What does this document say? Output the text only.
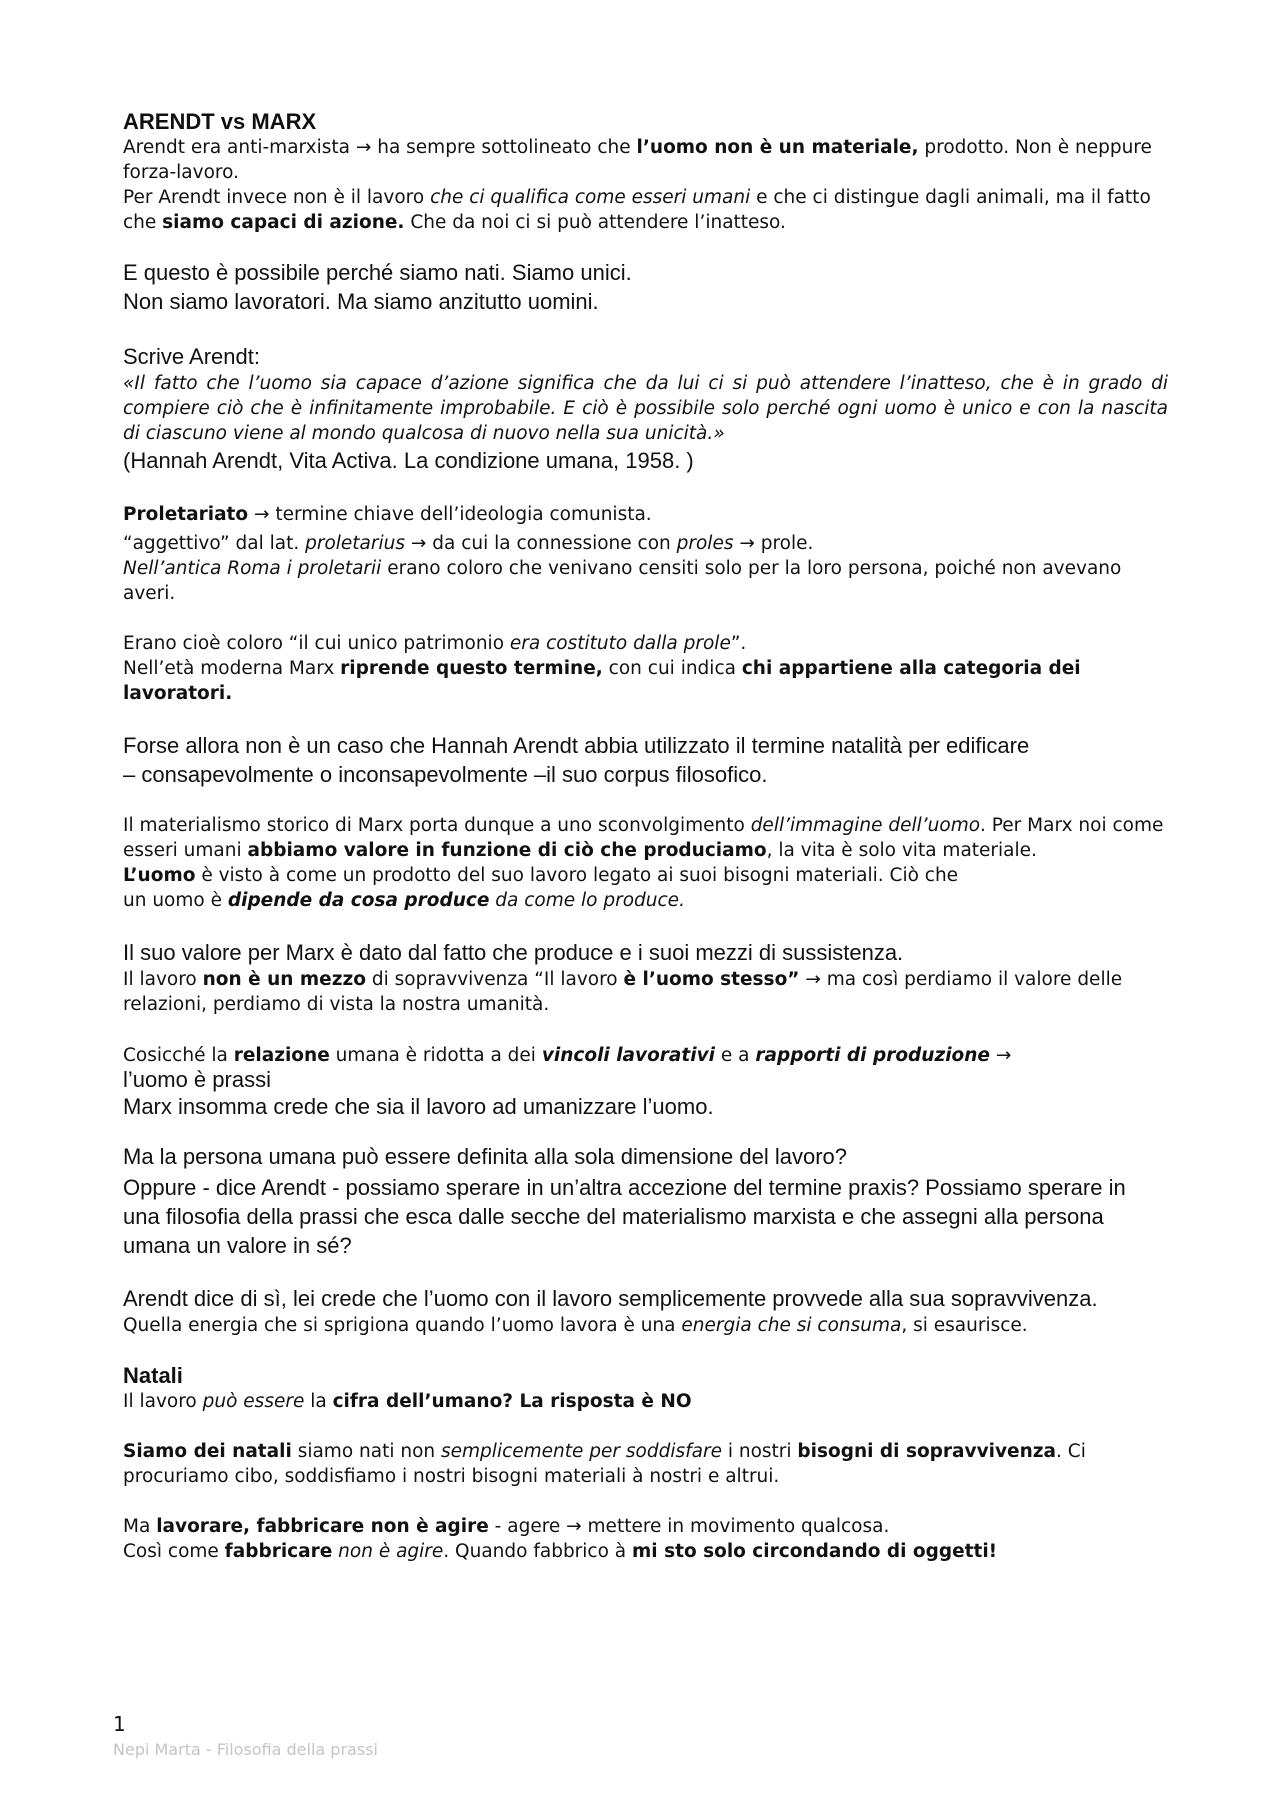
ARENDT vs MARX

Arendt era anti-marxista → ha sempre sottolineato che l’uomo non è un materiale, prodotto. Non è neppure forza-lavoro.

Per Arendt invece non è il lavoro che ci qualifica come esseri umani e che ci distingue dagli animali, ma il fatto che siamo capaci di azione. Che da noi ci si può attendere l’inatteso.

E questo è possibile perché siamo nati. Siamo unici.

Non siamo lavoratori. Ma siamo anzitutto uomini.

Scrive Arendt:

«Il fatto che l’uomo sia capace d’azione significa che da lui ci si può attendere l’inatteso, che è in grado di compiere ciò che è infinitamente improbabile. E ciò è possibile solo perché ogni uomo è unico e con la nascita di ciascuno viene al mondo qualcosa di nuovo nella sua unicità.»

(Hannah Arendt, Vita Activa. La condizione umana, 1958. )

Proletariato → termine chiave dell’ideologia comunista.

“aggettivo” dal lat. proletarius → da cui la connessione con proles → prole.

Nell’antica Roma i proletarii erano coloro che venivano censiti solo per la loro persona, poiché non avevano averi.

Erano cioè coloro “il cui unico patrimonio era costituto dalla prole”.

Nell’età moderna Marx riprende questo termine, con cui indica chi appartiene alla categoria dei lavoratori.

Forse allora non è un caso che Hannah Arendt abbia utilizzato il termine natalità per edificare

– consapevolmente o inconsapevolmente –il suo corpus filosofico.

Il materialismo storico di Marx porta dunque a uno sconvolgimento dell’immagine dell’uomo. Per Marx noi come esseri umani abbiamo valore in funzione di ciò che produciamo, la vita è solo vita materiale.

L’uomo è visto à come un prodotto del suo lavoro legato ai suoi bisogni materiali. Ciò che

un uomo è dipende da cosa produce da come lo produce.

Il suo valore per Marx è dato dal fatto che produce e i suoi mezzi di sussistenza.

Il lavoro non è un mezzo di sopravvivenza “Il lavoro è l’uomo stesso” → ma così perdiamo il valore delle relazioni, perdiamo di vista la nostra umanità.

Cosicché la relazione umana è ridotta a dei vincoli lavorativi e a rapporti di produzione →

l’uomo è prassi

Marx insomma crede che sia il lavoro ad umanizzare l’uomo.

Ma la persona umana può essere definita alla sola dimensione del lavoro?

Oppure - dice Arendt - possiamo sperare in un’altra accezione del termine praxis? Possiamo sperare in una filosofia della prassi che esca dalle secche del materialismo marxista e che assegni alla persona umana un valore in sé?

Arendt dice di sì, lei crede che l’uomo con il lavoro semplicemente provvede alla sua sopravvivenza.

Quella energia che si sprigiona quando l’uomo lavora è una energia che si consuma, si esaurisce.

Natali

Il lavoro può essere la cifra dell’umano? La risposta è NO

Siamo dei natali siamo nati non semplicemente per soddisfare i nostri bisogni di sopravvivenza. Ci procuriamo cibo, soddisfiamo i nostri bisogni materiali à nostri e altrui.

Ma lavorare, fabbricare non è agire - agere → mettere in movimento qualcosa.

Così come fabbricare non è agire. Quando fabbrico à mi sto solo circondando di oggetti!

1
Nepi Marta - Filosofia della prassi
